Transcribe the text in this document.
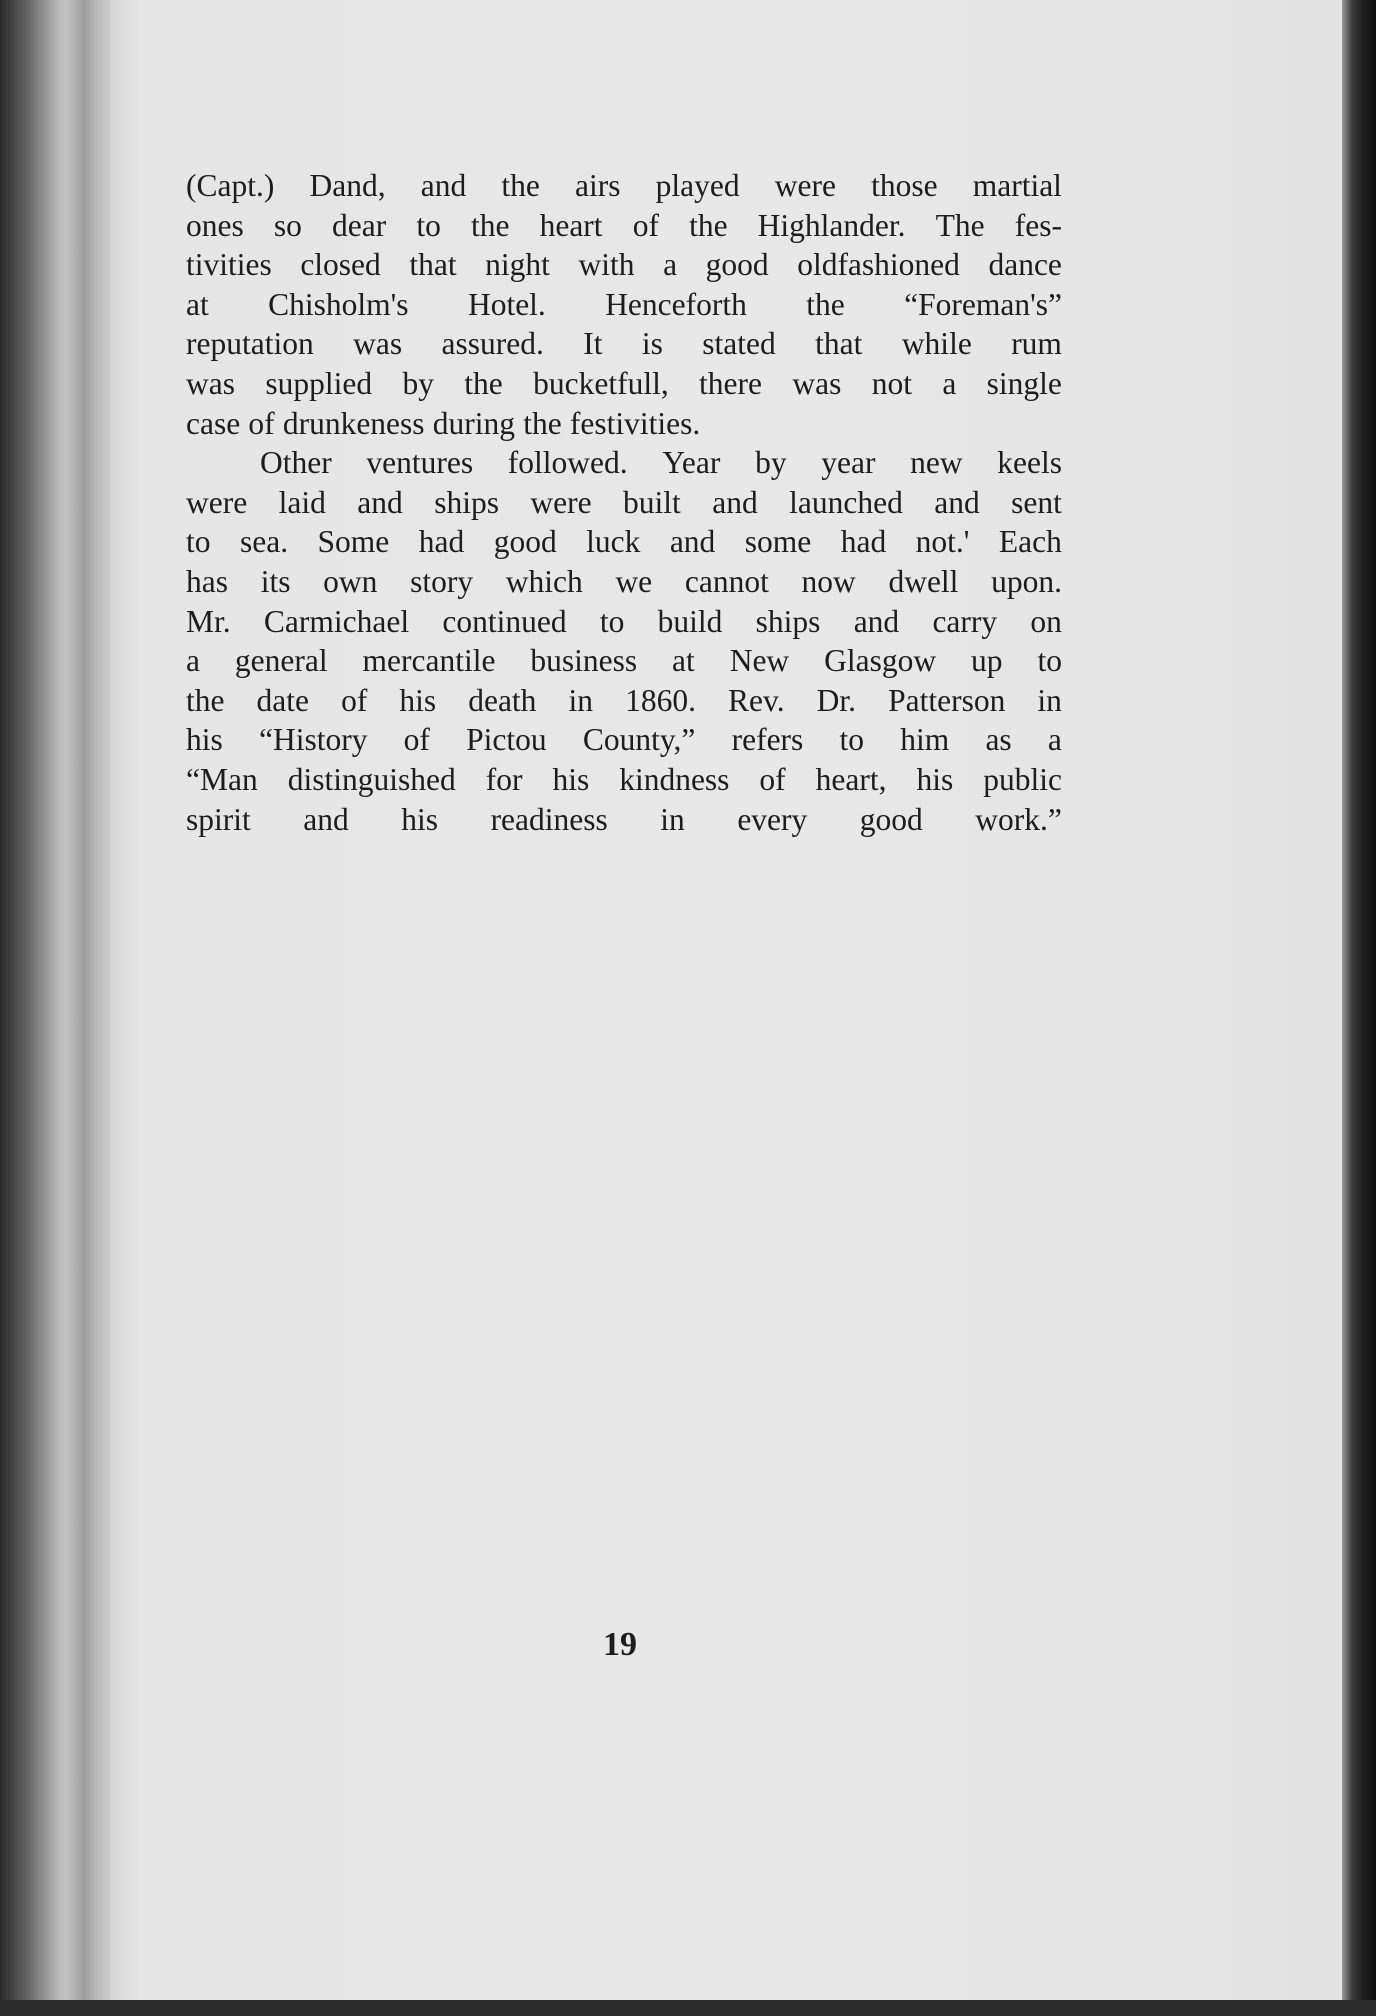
(Capt.) Dand, and the airs played were those martial
ones so dear to the heart of the Highlander. The fes-
tivities closed that night with a good oldfashioned dance
at Chisholm's Hotel. Henceforth the “Foreman's”
reputation was assured. It is stated that while rum
was supplied by the bucketfull, there was not a single
case of drunkeness during the festivities.
Other ventures followed. Year by year new keels
were laid and ships were built and launched and sent
to sea. Some had good luck and some had not.' Each
has its own story which we cannot now dwell upon.
Mr. Carmichael continued to build ships and carry on
a general mercantile business at New Glasgow up to
the date of his death in 1860. Rev. Dr. Patterson in
his “History of Pictou County,” refers to him as a
“Man distinguished for his kindness of heart, his public
spirit and his readiness in every good work.”
19
